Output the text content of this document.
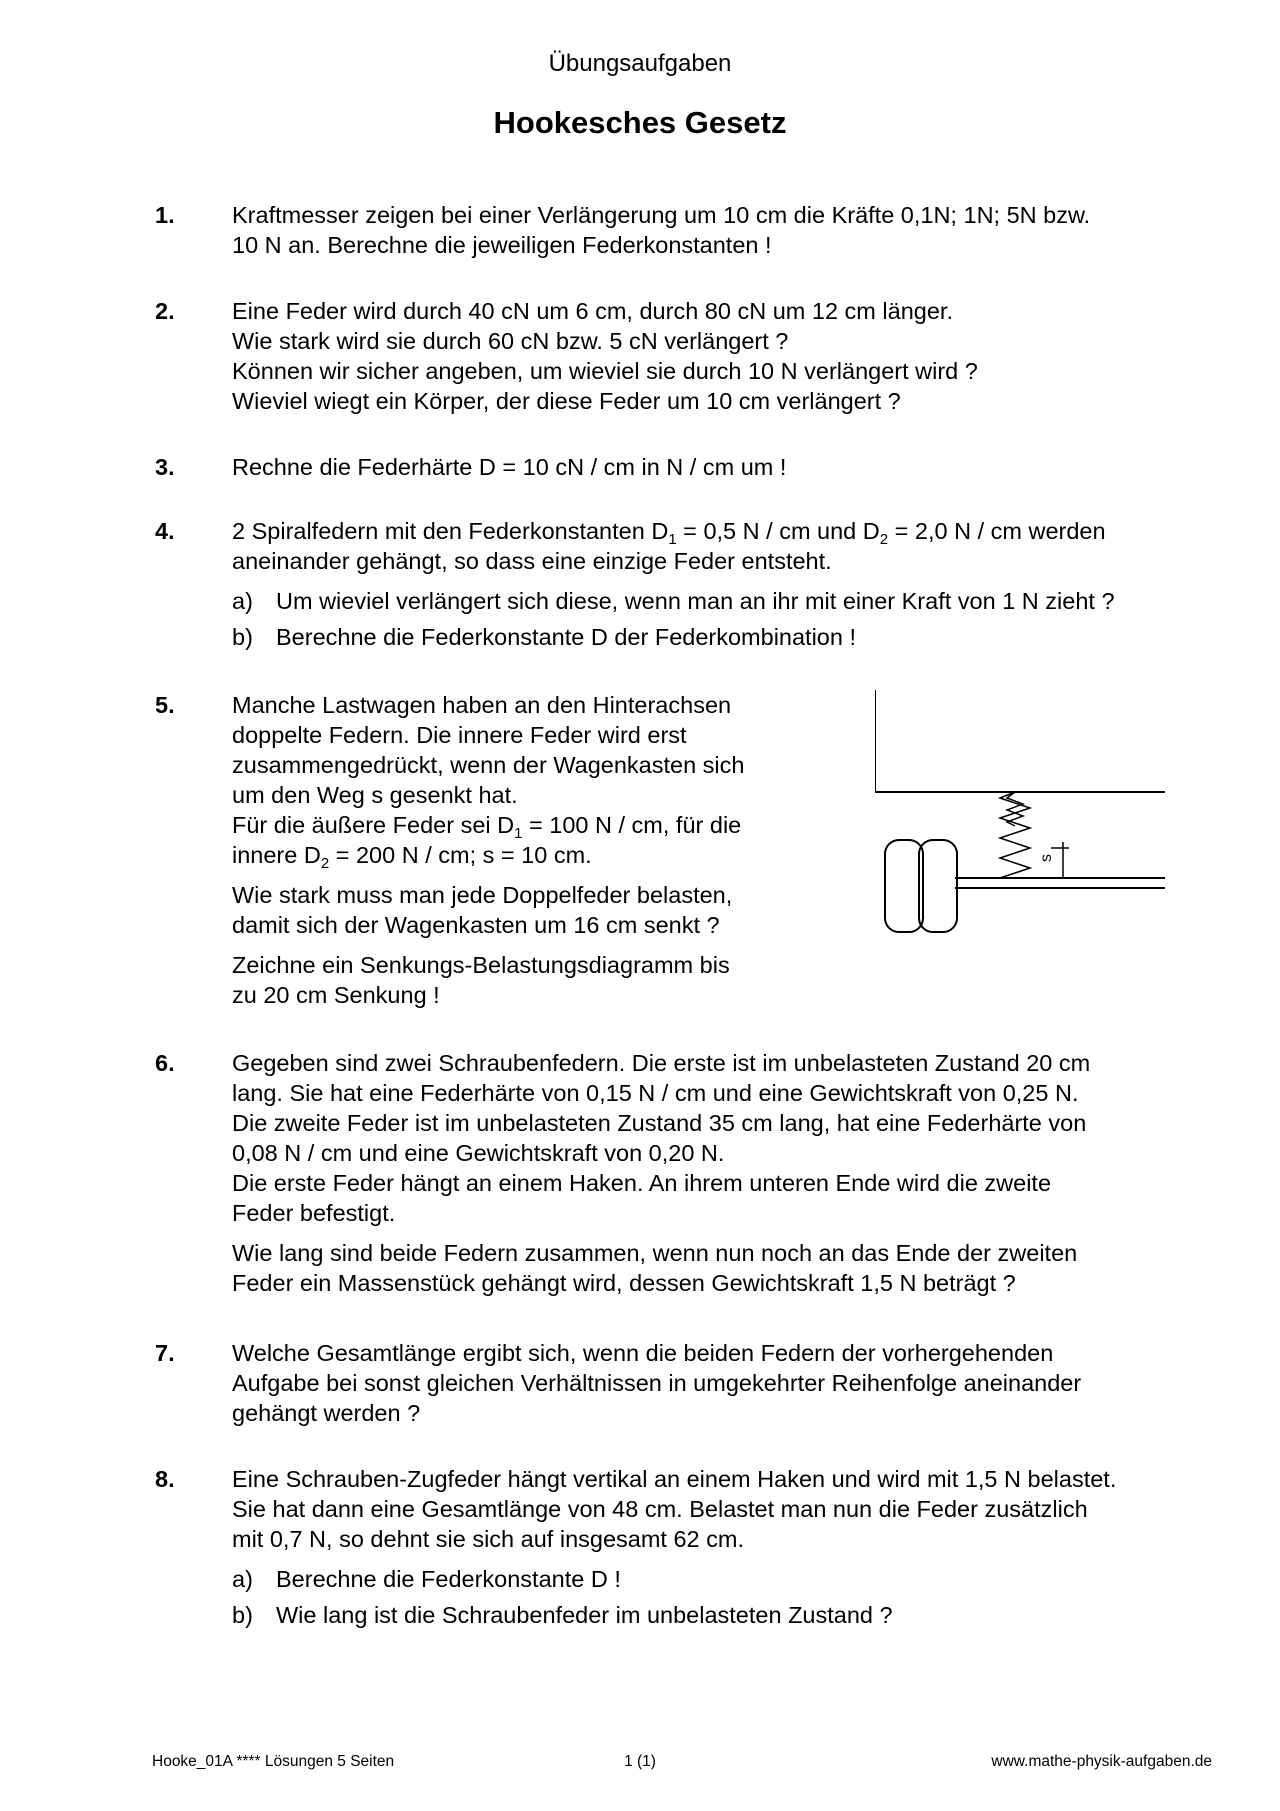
Übungsaufgaben
Hookesches Gesetz
1.	Kraftmesser zeigen bei einer Verlängerung um 10 cm die Kräfte 0,1N; 1N; 5N bzw.

10 N an. Berechne die jeweiligen Federkonstanten !

2.	Eine Feder wird durch 40 cN um 6 cm, durch 80 cN um 12 cm länger.

Wie stark wird sie durch 60 cN bzw. 5 cN verlängert ?

Können wir sicher angeben, um wieviel sie durch 10 N verlängert wird ?

Wieviel wiegt ein Körper, der diese Feder um 10 cm verlängert ?

3.	Rechne die Federhärte D = 10 cN / cm in N / cm um !

4.	2 Spiralfedern mit den Federkonstanten $D_1 = 0,5$ N / cm und $D_2 = 2,0$ N / cm werden

aneinander gehängt, so dass eine einzige Feder entsteht.

a) Um wieviel verlängert sich diese, wenn man an ihr mit einer Kraft von 1 N zieht ?
b) Berechne die Federkonstante D der Federkombination !
5.	Manche Lastwagen haben an den Hinterachsen

doppelte Federn. Die innere Feder wird erst

zusammengedrückt, wenn der Wagenkasten sich

um den Weg s gesenkt hat.

Für die äußere Feder sei $D_1 = 100$ N / cm, für die

innere $D_2 = 200$ N / cm; s = 10 cm.

Wie stark muss man jede Doppelfeder belasten,

damit sich der Wagenkasten um 16 cm senkt ?

Zeichne ein Senkungs-Belastungsdiagramm bis

zu 20 cm Senkung !

s
6.	Gegeben sind zwei Schraubenfedern. Die erste ist im unbelasteten Zustand 20 cm

lang. Sie hat eine Federhärte von 0,15 N / cm und eine Gewichtskraft von 0,25 N.

Die zweite Feder ist im unbelasteten Zustand 35 cm lang, hat eine Federhärte von

0,08 N / cm und eine Gewichtskraft von 0,20 N.

Die erste Feder hängt an einem Haken. An ihrem unteren Ende wird die zweite

Feder befestigt.

Wie lang sind beide Federn zusammen, wenn nun noch an das Ende der zweiten

Feder ein Massenstück gehängt wird, dessen Gewichtskraft 1,5 N beträgt ?

7.	Welche Gesamtlänge ergibt sich, wenn die beiden Federn der vorhergehenden

Aufgabe bei sonst gleichen Verhältnissen in umgekehrter Reihenfolge aneinander

gehängt werden ?

8.	Eine Schrauben-Zugfeder hängt vertikal an einem Haken und wird mit 1,5 N belastet.

Sie hat dann eine Gesamtlänge von 48 cm. Belastet man nun die Feder zusätzlich

mit 0,7 N, so dehnt sie sich auf insgesamt 62 cm.

a) Berechne die Federkonstante D !
b) Wie lang ist die Schraubenfeder im unbelasteten Zustand ?
Hooke_01A **** Lösungen 5 Seiten	1 (1)	www.mathe-physik-aufgaben.de
